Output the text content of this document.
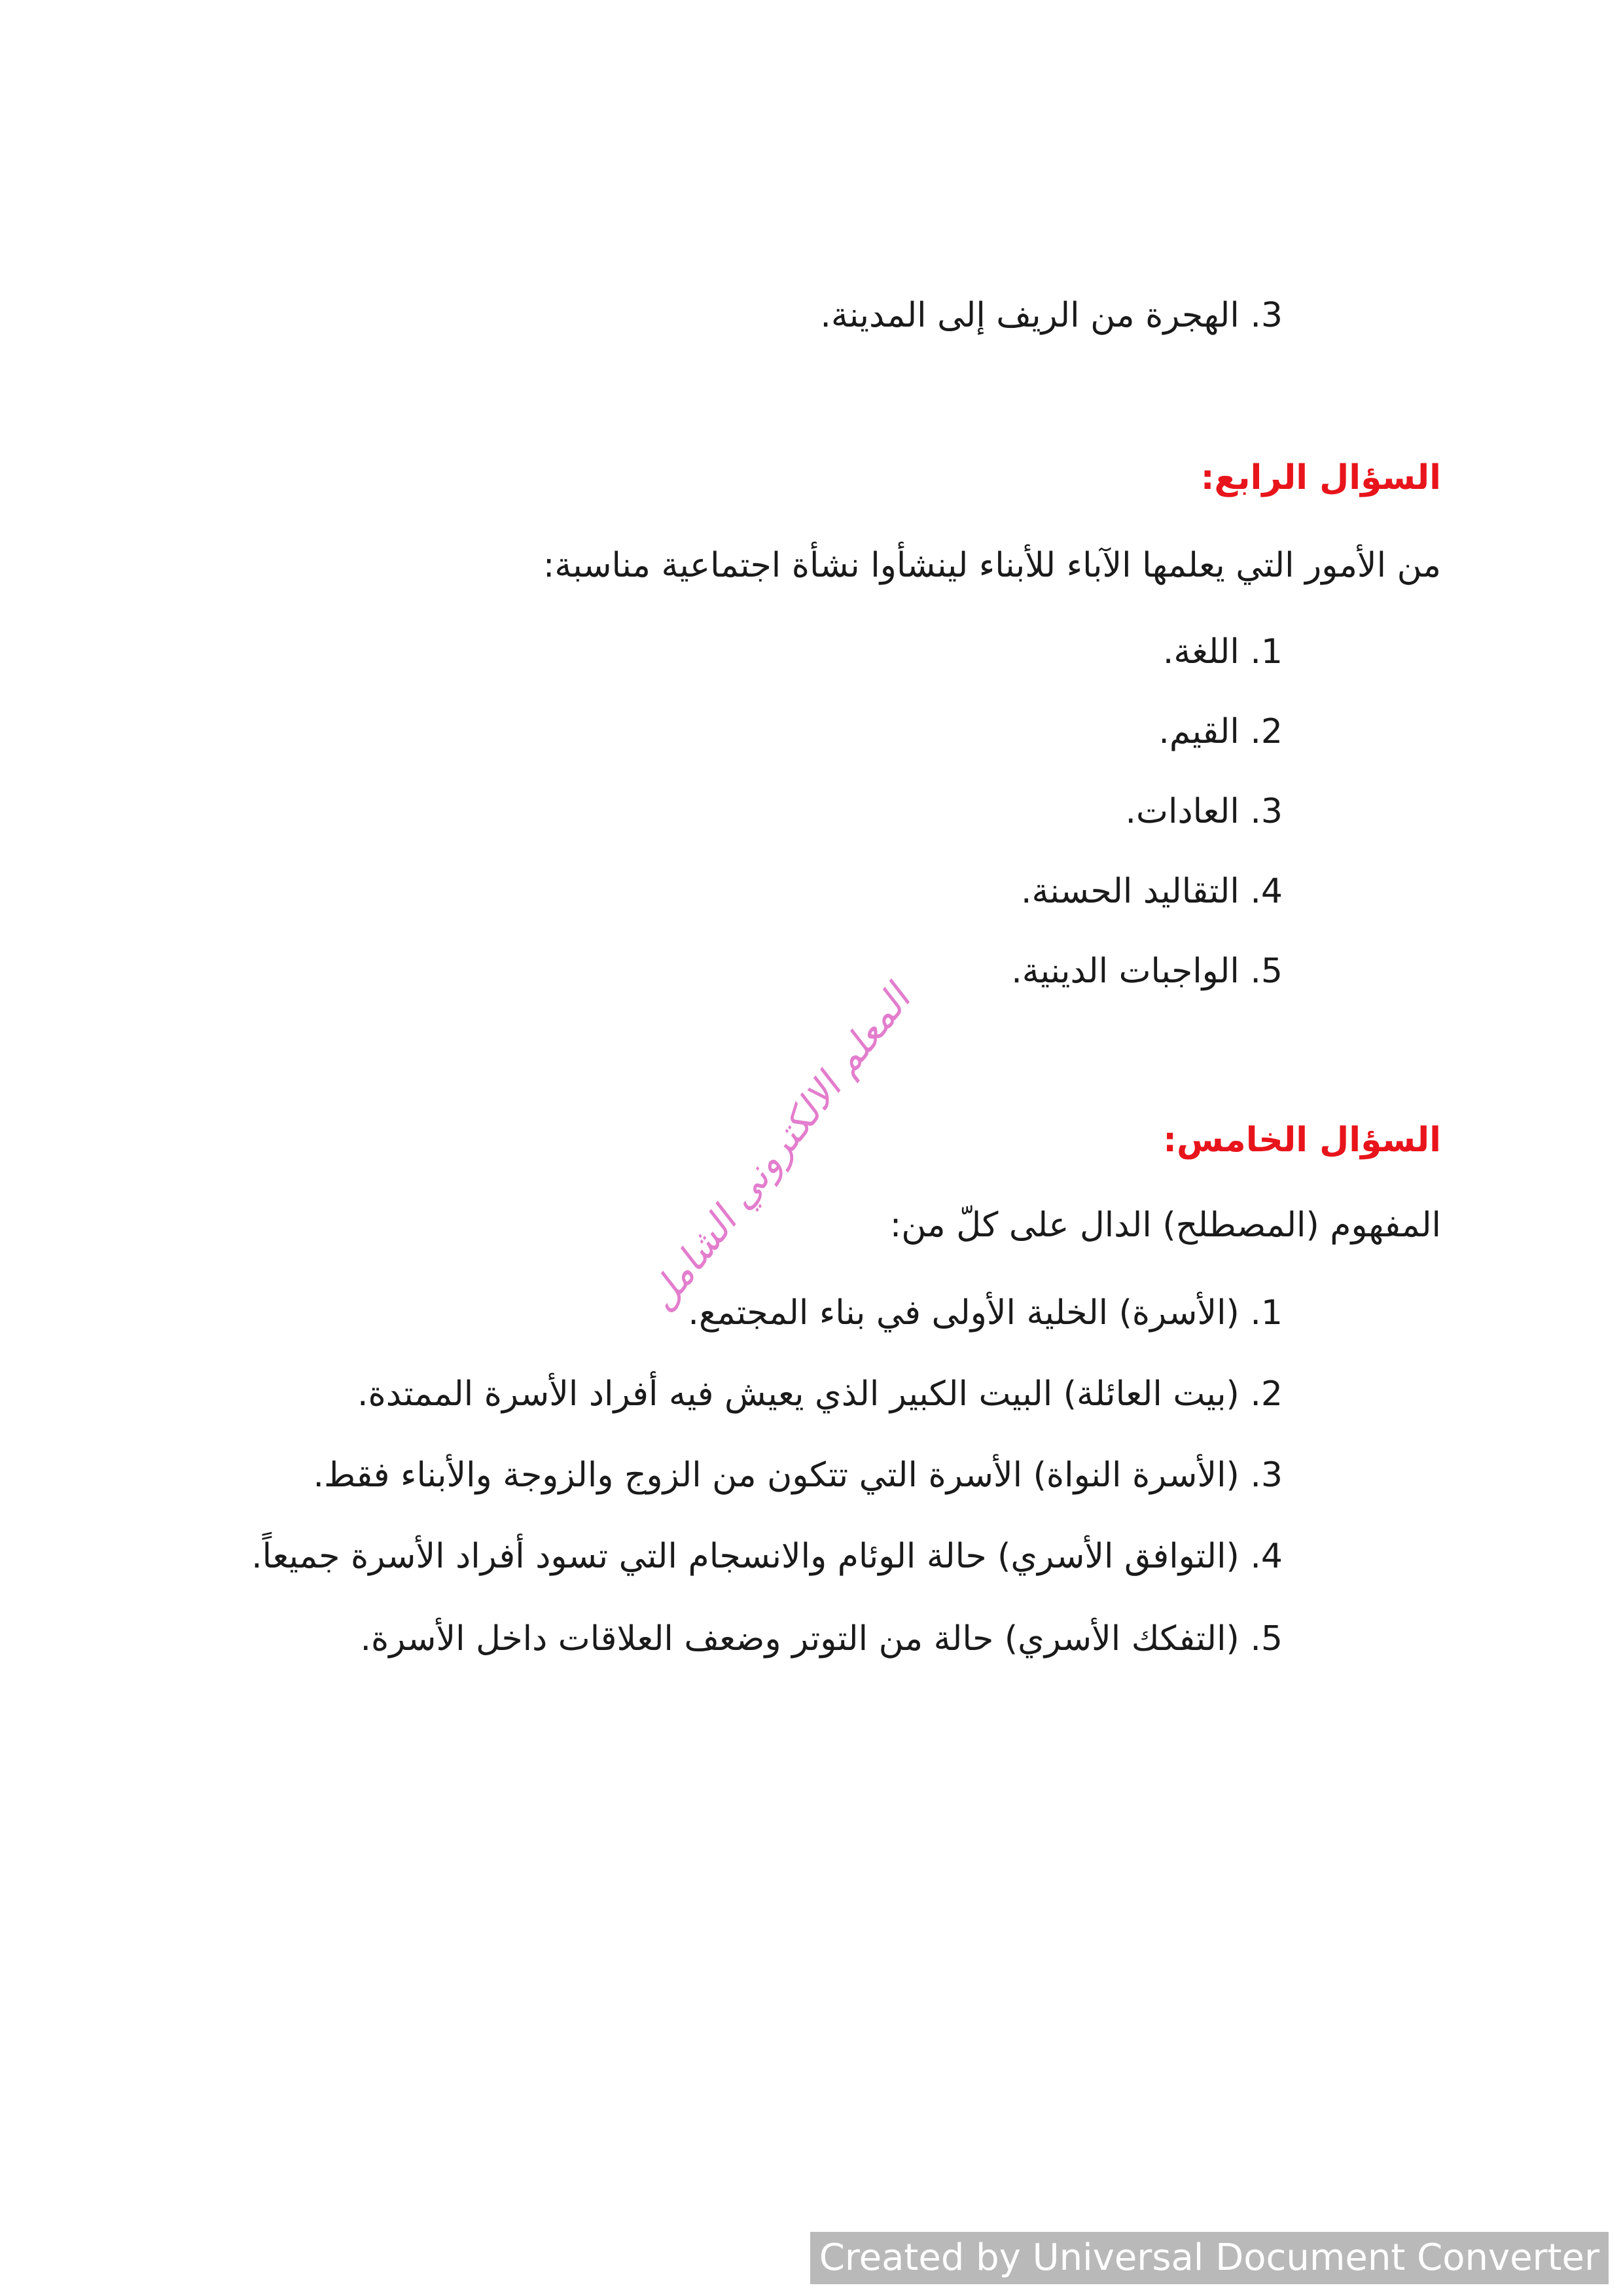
3. الهجرة من الريف إلى المدينة.
السؤال الرابع:
من الأمور التي يعلمها الآباء للأبناء لينشأوا نشأة اجتماعية مناسبة:
1. اللغة.
2. القيم.
3. العادات.
4. التقاليد الحسنة.
5. الواجبات الدينية.
السؤال الخامس:
المفهوم (المصطلح) الدال على كلّ من:
1. (الأسرة) الخلية الأولى في بناء المجتمع.
2. (بيت العائلة) البيت الكبير الذي يعيش فيه أفراد الأسرة الممتدة.
3. (الأسرة النواة) الأسرة التي تتكون من الزوج والزوجة والأبناء فقط.
4. (التوافق الأسري) حالة الوئام والانسجام التي تسود أفراد الأسرة جميعاً.
5. (التفكك الأسري) حالة من التوتر وضعف العلاقات داخل الأسرة.
المعلم الالكتروني الشامل
Created by Universal Document Converter
